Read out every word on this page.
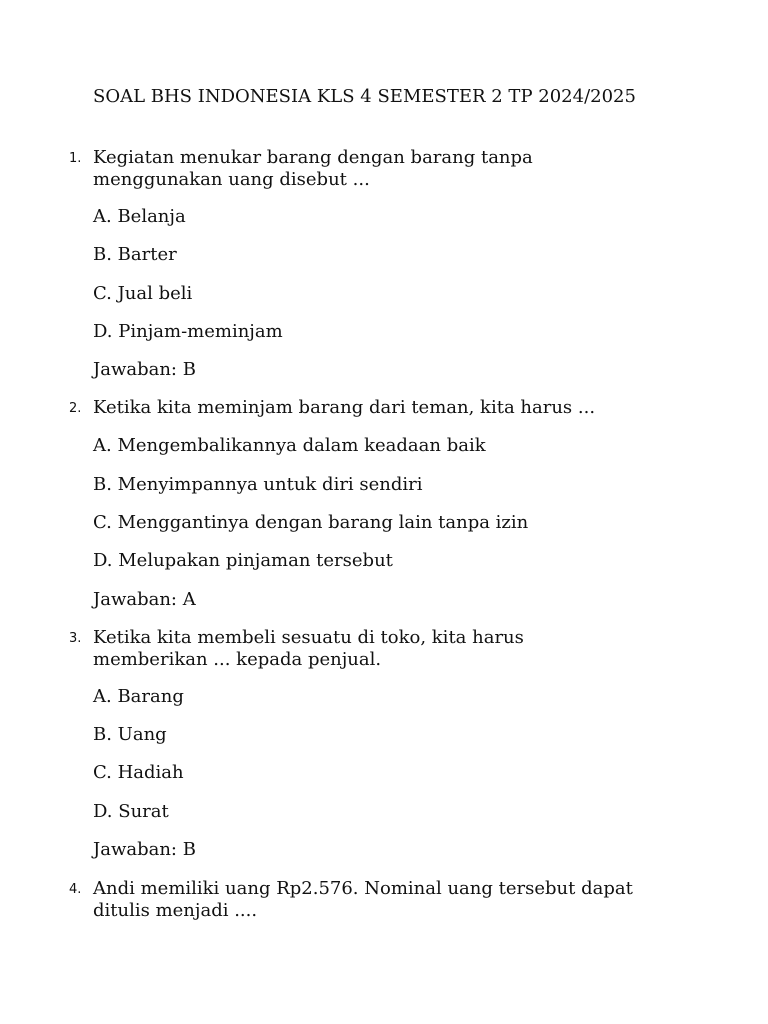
SOAL BHS INDONESIA KLS 4 SEMESTER 2 TP 2024/2025
1. Kegiatan menukar barang dengan barang tanpa menggunakan uang disebut ...

A. Belanja
B. Barter
C. Jual beli
D. Pinjam-meminjam
Jawaban: B
2. Ketika kita meminjam barang dari teman, kita harus ...

A. Mengembalikannya dalam keadaan baik
B. Menyimpannya untuk diri sendiri
C. Menggantinya dengan barang lain tanpa izin
D. Melupakan pinjaman tersebut
Jawaban: A
3. Ketika kita membeli sesuatu di toko, kita harus memberikan ... kepada penjual.

A. Barang
B. Uang
C. Hadiah
D. Surat
Jawaban: B
4. Andi memiliki uang Rp2.576. Nominal uang tersebut dapat ditulis menjadi ....
